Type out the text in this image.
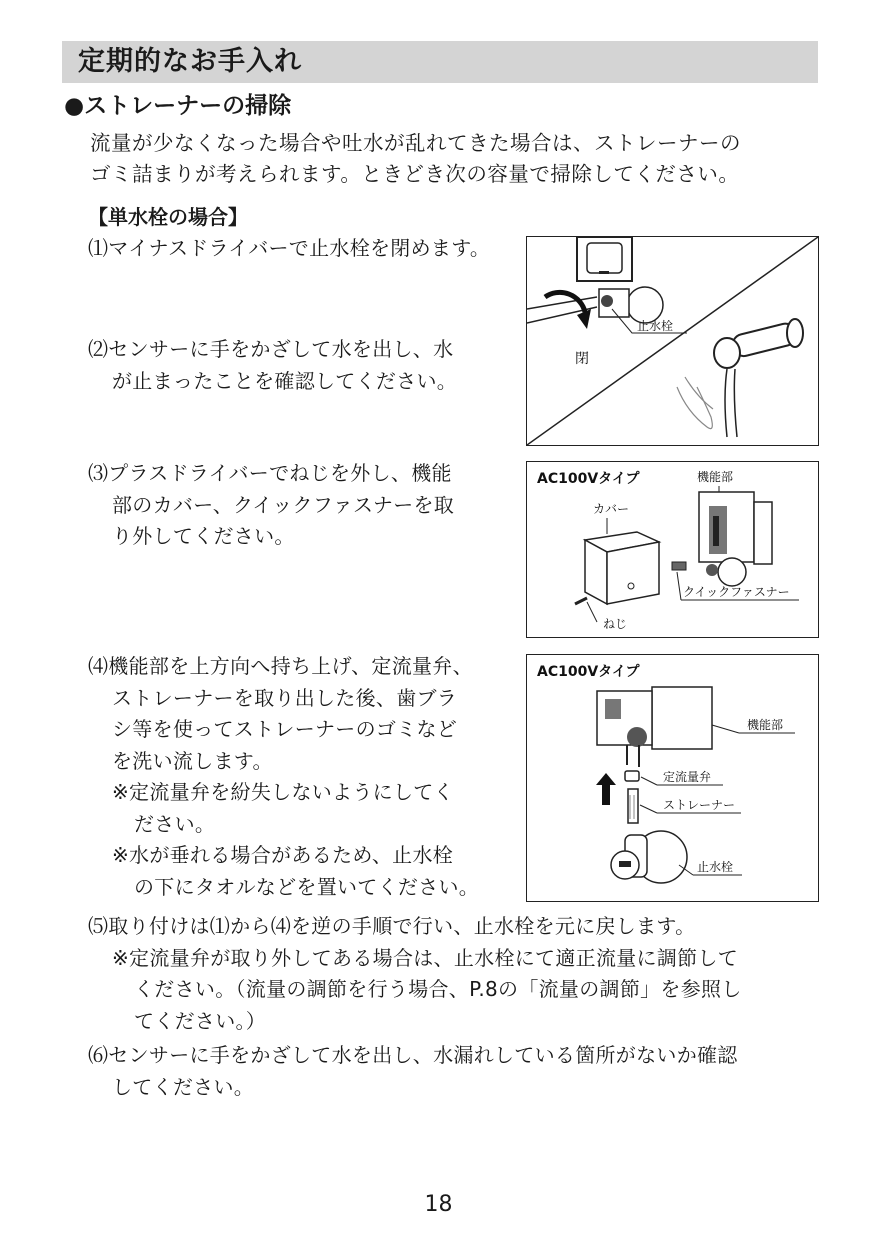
定期的なお手入れ
●ストレーナーの掃除
流量が少なくなった場合や吐水が乱れてきた場合は、ストレーナーの
ゴミ詰まりが考えられます。ときどき次の容量で掃除してください。
【単水栓の場合】
⑴マイナスドライバーで止水栓を閉めます。
⑵センサーに手をかざして水を出し、水
が止まったことを確認してください。
⑶プラスドライバーでねじを外し、機能
部のカバー、クイックファスナーを取
り外してください。
⑷機能部を上方向へ持ち上げ、定流量弁、
ストレーナーを取り出した後、歯ブラ
シ等を使ってストレーナーのゴミなど
を洗い流します。
※定流量弁を紛失しないようにしてく
ださい。
※水が垂れる場合があるため、止水栓
の下にタオルなどを置いてください。
⑸取り付けは⑴から⑷を逆の手順で行い、止水栓を元に戻します。
※定流量弁が取り外してある場合は、止水栓にて適正流量に調節して
ください。（流量の調節を行う場合、P.8の「流量の調節」を参照し
てください。）
⑹センサーに手をかざして水を出し、水漏れしている箇所がないか確認
してください。
止水栓
閉
AC100Vタイプ	機能部
カバー
ねじ
クイックファスナー
AC100Vタイプ
機能部
定流量弁
ストレーナー
止水栓
18
